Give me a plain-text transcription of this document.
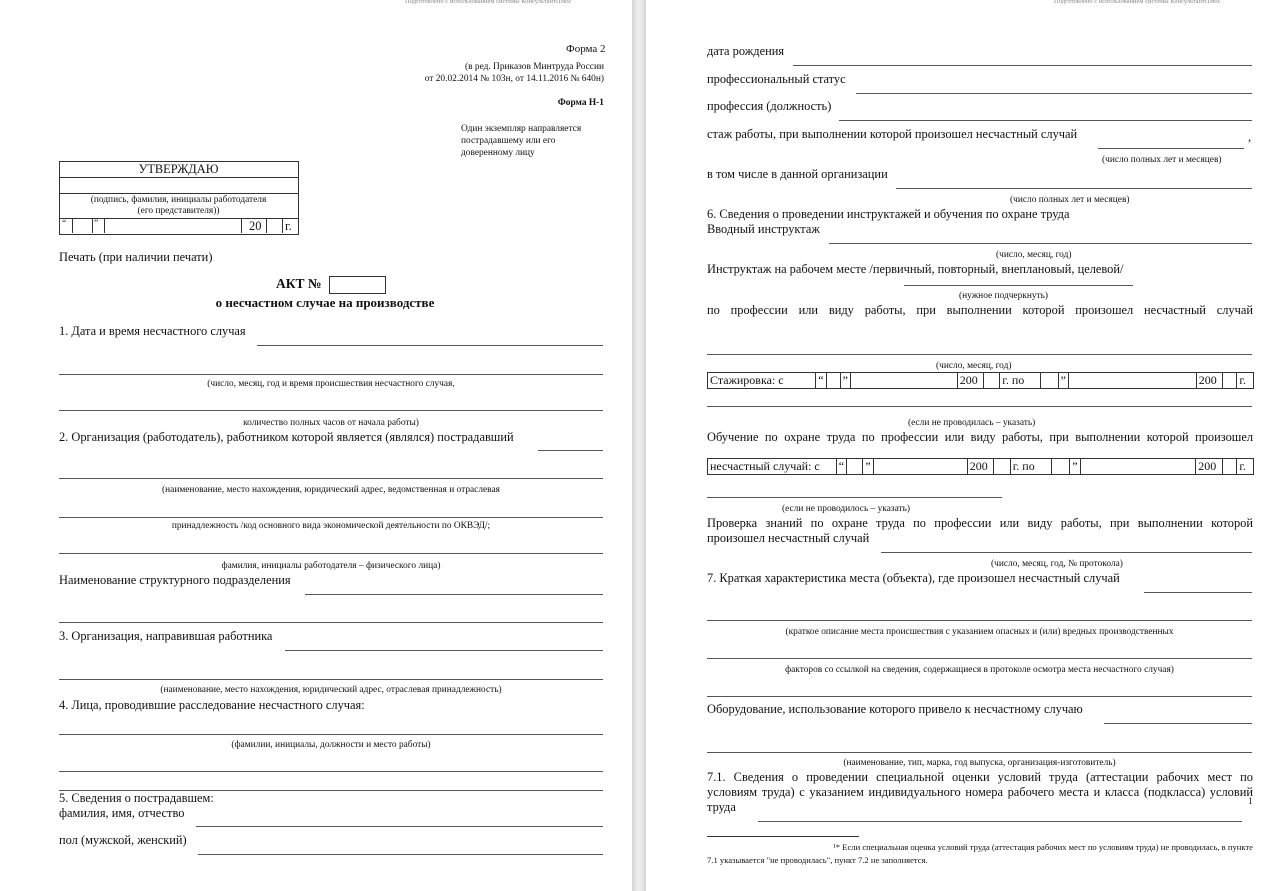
Подготовлено с использованием системы КонсультантПлюс
Форма 2
(в ред. Приказов Минтруда России
от 20.02.2014 № 103н, от 14.11.2016 № 640н)
Форма Н-1
Один экземпляр направляется
пострадавшему или его
доверенному лицу
УТВЕРЖДАЮ
(подпись, фамилия, инициалы работодателя
(его представителя))
“	”	20 г.
Печать (при наличии печати)
АКТ №
о несчастном случае на производстве
1. Дата и время несчастного случая
(число, месяц, год и время происшествия несчастного случая,
количество полных часов от начала работы)
2. Организация (работодатель), работником которой является (являлся) пострадавший
(наименование, место нахождения, юридический адрес, ведомственная и отраслевая
принадлежность /код основного вида экономической деятельности по ОКВЭД/;
фамилия, инициалы работодателя – физического лица)
Наименование структурного подразделения
3. Организация, направившая работника
(наименование, место нахождения, юридический адрес, отраслевая принадлежность)
4. Лица, проводившие расследование несчастного случая:
(фамилии, инициалы, должности и место работы)
5. Сведения о пострадавшем:
фамилия, имя, отчество
пол (мужской, женский)
Подготовлено с использованием системы КонсультантПлюс
дата рождения
профессиональный статус
профессия (должность)
стаж работы, при выполнении которой произошел несчастный случай	,
(число полных лет и месяцев)
в том числе в данной организации
(число полных лет и месяцев)
6. Сведения о проведении инструктажей и обучения по охране труда
Вводный инструктаж
(число, месяц, год)
Инструктаж на рабочем месте /первичный, повторный, внеплановый, целевой/
(нужное подчеркнуть)
по профессии или виду работы, при выполнении которой произошел несчастный случай
(число, месяц, год)
Стажировка: с	“		”		200		г. по		”		200		г.
(если не проводилась – указать)
Обучение по охране труда по профессии или виду работы, при выполнении которой произошел
несчастный случай: с	“		”		200		г. по		”		200		г.
(если не проводилось – указать)
Проверка знаний по охране труда по профессии или виду работы, при выполнении которой
произошел несчастный случай
(число, месяц, год, № протокола)
7. Краткая характеристика места (объекта), где произошел несчастный случай
(краткое описание места происшествия с указанием опасных и (или) вредных производственных
факторов со ссылкой на сведения, содержащиеся в протоколе осмотра места несчастного случая)
Оборудование, использование которого привело к несчастному случаю
(наименование, тип, марка, год выпуска, организация-изготовитель)
7.1. Сведения о проведении специальной оценки условий труда (аттестации рабочих мест по
условиям труда) с указанием индивидуального номера рабочего места и класса (подкласса) условий
труда	1
¹* Если специальная оценка условий труда (аттестация рабочих мест по условиям труда) не проводилась, в пункте
7.1 указывается "не проводилась", пункт 7.2 не заполняется.
